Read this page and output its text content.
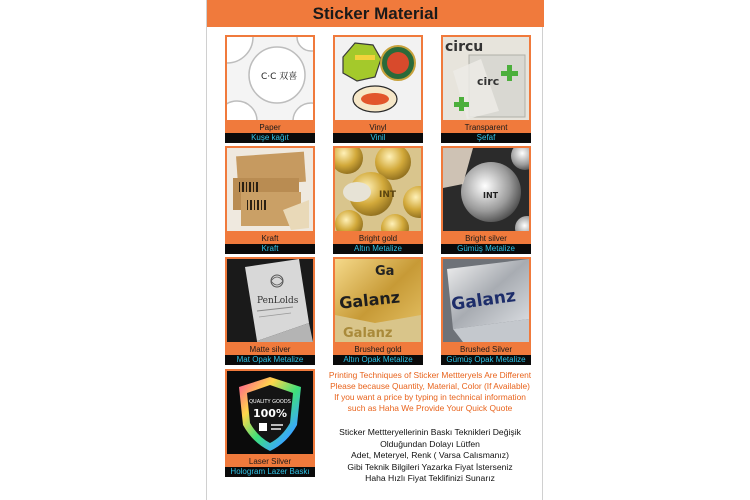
Sticker Material
C·C 双喜
Paper
Kuşe kağıt
Vinyl
Vinil
circu
circ
Transparent
Şefaf
Kraft
Kraft
INT
Bright gold
Altın Metalize
INT
Bright silver
Gümüş Metalize
PenLolds
Matte silver
Mat Opak Metalize
Ga
Galanz
Galanz
Brushed gold
Altın Opak Metalize
Galanz
Brushed Silver
Gümüş Opak Metalize
QUALITY GOODS
100%
Laser Silver
Hologram Lazer Baskı
Printing Techniques of Sticker Mettteryels Are Different
Please because Quantity, Material, Color (If Available)
If you want a price by typing in technical information
such as Haha We Provide Your Quick Quote
Sticker Mettteryellerinin Baskı Teknikleri Değişik
Olduğundan Dolayı Lütfen
Adet, Meteryel, Renk ( Varsa Calısmanız)
Gibi Teknik Bilgileri Yazarka Fiyat İsterseniz
Haha Hızlı Fiyat Teklifinizi Sunarız
